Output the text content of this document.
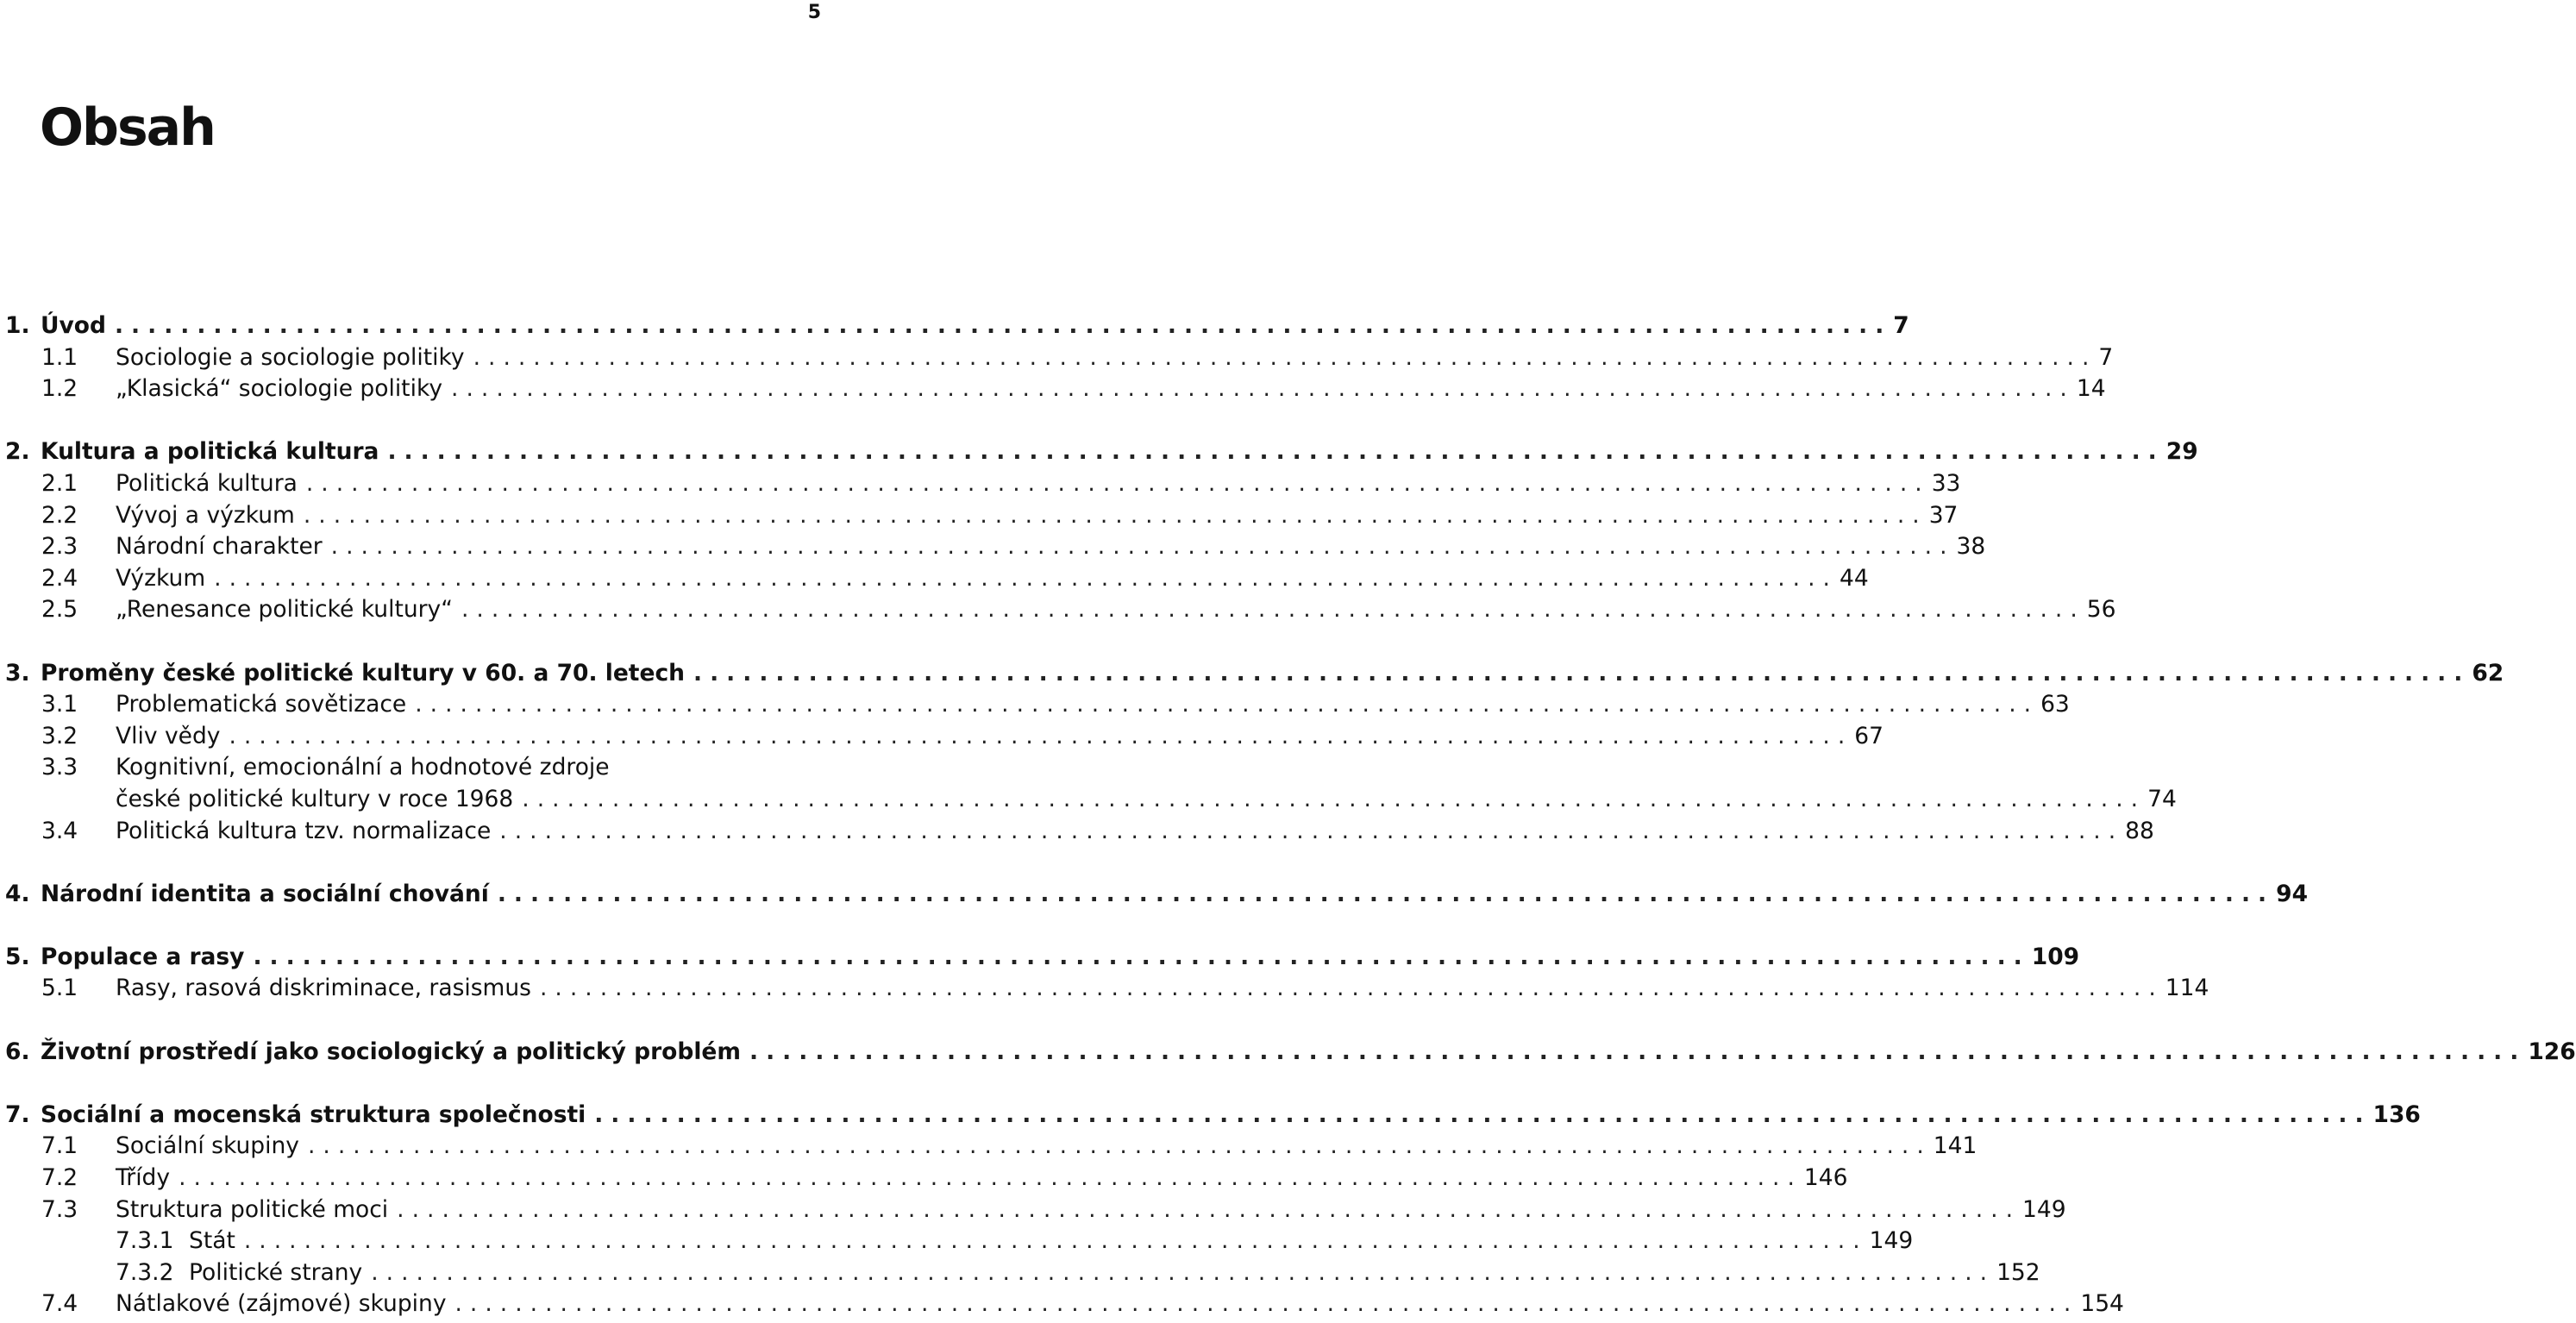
5
Obsah
1. Úvod ............................................................................................................ 7
1.1	Sociologie a sociologie politiky ............................................................................................................ 7
1.2	„Klasická“ sociologie politiky ............................................................................................................ 14
2. Kultura a politická kultura ............................................................................................................ 29
2.1	Politická kultura ............................................................................................................ 33
2.2	Vývoj a výzkum ............................................................................................................ 37
2.3	Národní charakter ............................................................................................................ 38
2.4	Výzkum ............................................................................................................ 44
2.5	„Renesance politické kultury“ ............................................................................................................ 56
3. Proměny české politické kultury v 60. a 70. letech ............................................................................................................ 62
3.1	Problematická sovětizace ............................................................................................................ 63
3.2	Vliv vědy ............................................................................................................ 67
3.3	Kognitivní, emocionální a hodnotové zdroje
české politické kultury v roce 1968 ............................................................................................................ 74
3.4	Politická kultura tzv. normalizace ............................................................................................................ 88
4. Národní identita a sociální chování ............................................................................................................ 94
5. Populace a rasy ............................................................................................................ 109
5.1	Rasy, rasová diskriminace, rasismus ............................................................................................................ 114
6. Životní prostředí jako sociologický a politický problém ............................................................................................................ 126
7. Sociální a mocenská struktura společnosti ............................................................................................................ 136
7.1	Sociální skupiny ............................................................................................................ 141
7.2	Třídy ............................................................................................................ 146
7.3	Struktura politické moci ............................................................................................................ 149
7.3.1 Stát ............................................................................................................ 149
7.3.2 Politické strany ............................................................................................................ 152
7.4	Nátlakové (zájmové) skupiny ............................................................................................................ 154
